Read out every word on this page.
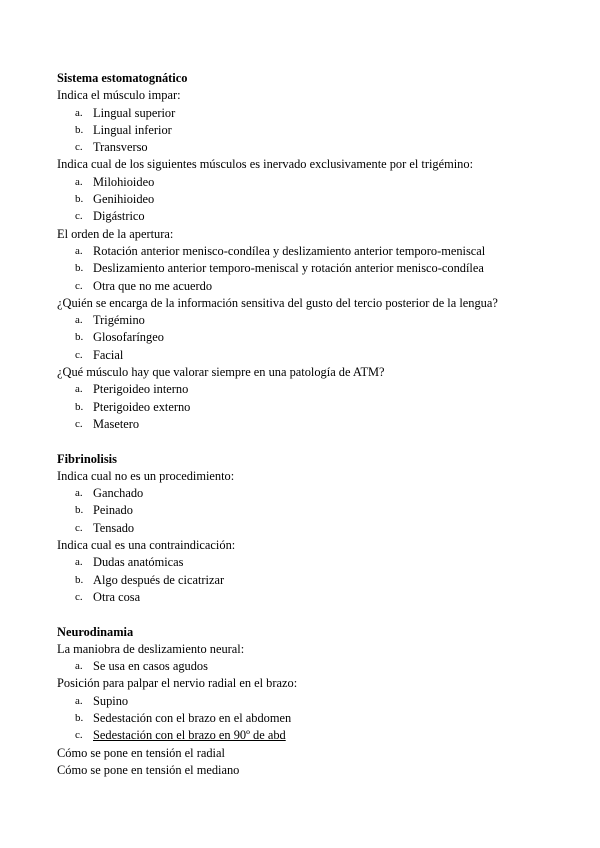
Sistema estomatognático
Indica el músculo impar:
a. Lingual superior
b. Lingual inferior
c. Transverso
Indica cual de los siguientes músculos es inervado exclusivamente por el trigémino:
a. Milohioideo
b. Genihioideo
c. Digástrico
El orden de la apertura:
a. Rotación anterior menisco-condílea y deslizamiento anterior temporo-meniscal
b. Deslizamiento anterior temporo-meniscal y rotación anterior menisco-condílea
c. Otra que no me acuerdo
¿Quién se encarga de la información sensitiva del gusto del tercio posterior de la lengua?
a. Trigémino
b. Glosofaríngeo
c. Facial
¿Qué músculo hay que valorar siempre en una patología de ATM?
a. Pterigoideo interno
b. Pterigoideo externo
c. Masetero
Fibrinolisis
Indica cual no es un procedimiento:
a. Ganchado
b. Peinado
c. Tensado
Indica cual es una contraindicación:
a. Dudas anatómicas
b. Algo después de cicatrizar
c. Otra cosa
Neurodinamia
La maniobra de deslizamiento neural:
a. Se usa en casos agudos
Posición para palpar el nervio radial en el brazo:
a. Supino
b. Sedestación con el brazo en el abdomen
c. Sedestación con el brazo en 90º de abd
Cómo se pone en tensión el radial
Cómo se pone en tensión el mediano
